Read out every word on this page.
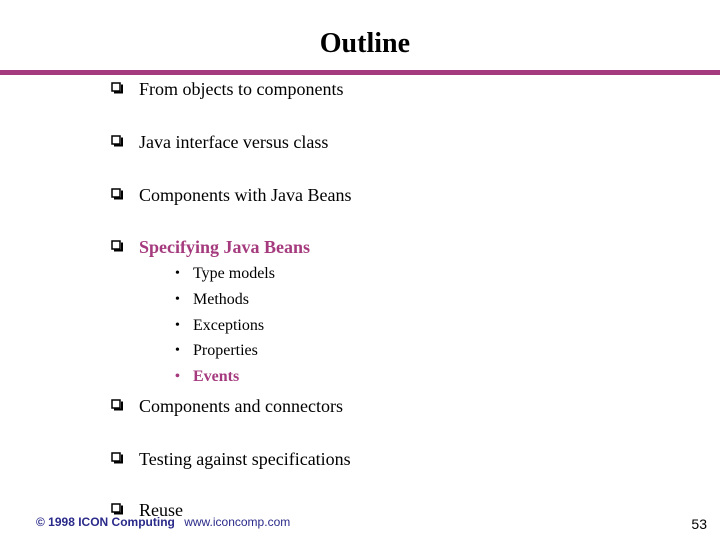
Outline
From objects to components
Java interface versus class
Components with Java Beans
Specifying Java Beans
• Type models
• Methods
• Exceptions
• Properties
• Events
Components and connectors
Testing against specifications
Reuse
© 1998 ICON Computing www.iconcomp.com	53
